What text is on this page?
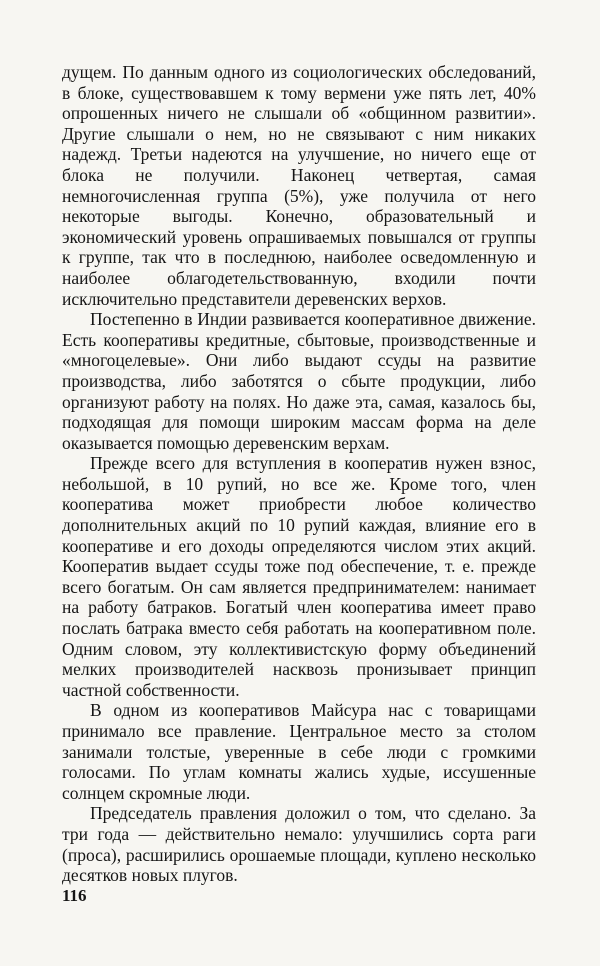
дущем. По данным одного из социологических обследований, в блоке, существовавшем к тому вермени уже пять лет, 40% опрошенных ничего не слышали об «общинном развитии». Другие слышали о нем, но не связывают с ним никаких надежд. Третьи надеются на улучшение, но ничего еще от блока не получили. Наконец четвертая, самая немногочисленная группа (5%), уже получила от него некоторые выгоды. Конечно, образовательный и экономический уровень опрашиваемых повышался от группы к группе, так что в последнюю, наиболее осведомленную и наиболее облагодетельствованную, входили почти исключительно представители деревенских верхов.

Постепенно в Индии развивается кооперативное движение. Есть кооперативы кредитные, сбытовые, производственные и «многоцелевые». Они либо выдают ссуды на развитие производства, либо заботятся о сбыте продукции, либо организуют работу на полях. Но даже эта, самая, казалось бы, подходящая для помощи широким массам форма на деле оказывается помощью деревенским верхам.

Прежде всего для вступления в кооператив нужен взнос, небольшой, в 10 рупий, но все же. Кроме того, член кооператива может приобрести любое количество дополнительных акций по 10 рупий каждая, влияние его в кооперативе и его доходы определяются числом этих акций. Кооператив выдает ссуды тоже под обеспечение, т. е. прежде всего богатым. Он сам является предпринимателем: нанимает на работу батраков. Богатый член кооператива имеет право послать батрака вместо себя работать на кооперативном поле. Одним словом, эту коллективистскую форму объединений мелких производителей насквозь пронизывает принцип частной собственности.

В одном из кооперативов Майсура нас с товарищами принимало все правление. Центральное место за столом занимали толстые, уверенные в себе люди с громкими голосами. По углам комнаты жались худые, иссушенные солнцем скромные люди.

Председатель правления доложил о том, что сделано. За три года — действительно немало: улучшились сорта раги (проса), расширились орошаемые площади, куплено несколько десятков новых плугов.

116
